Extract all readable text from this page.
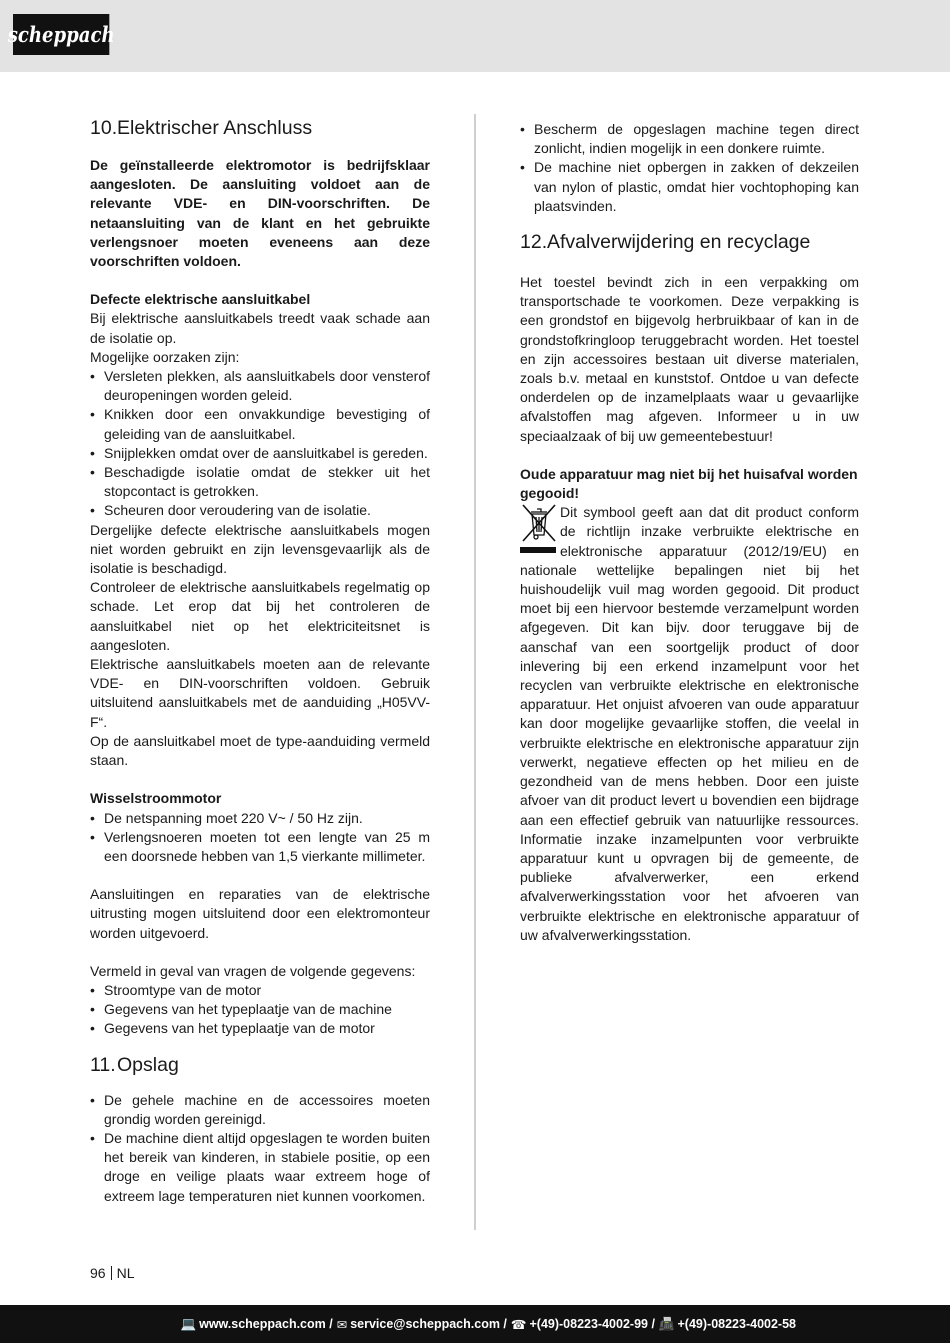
scheppach
10. Elektrischer Anschluss

De geïnstalleerde elektromotor is bedrijfsklaar aangesloten. De aansluiting voldoet aan de relevante VDE- en DIN-voorschriften. De netaansluiting van de klant en het gebruikte verlengsnoer moeten eveneens aan deze voorschriften voldoen.

Defecte elektrische aansluitkabel

Bij elektrische aansluitkabels treedt vaak schade aan de isolatie op.

Mogelijke oorzaken zijn:

• Versleten plekken, als aansluitkabels door vensterof deuropeningen worden geleid.
• Knikken door een onvakkundige bevestiging of geleiding van de aansluitkabel.
• Snijplekken omdat over de aansluitkabel is gereden.
• Beschadigde isolatie omdat de stekker uit het stopcontact is getrokken.
• Scheuren door veroudering van de isolatie.

Dergelijke defecte elektrische aansluitkabels mogen niet worden gebruikt en zijn levensgevaarlijk als de isolatie is beschadigd.

Controleer de elektrische aansluitkabels regelmatig op schade. Let erop dat bij het controleren de aansluitkabel niet op het elektriciteitsnet is aangesloten.

Elektrische aansluitkabels moeten aan de relevante VDE- en DIN-voorschriften voldoen. Gebruik uitsluitend aansluitkabels met de aanduiding „H05VV-F“.

Op de aansluitkabel moet de type-aanduiding vermeld staan.

Wisselstroommotor
• De netspanning moet 220 V~ / 50 Hz zijn.
• Verlengsnoeren moeten tot een lengte van 25 m een doorsnede hebben van 1,5 vierkante millimeter.

Aansluitingen en reparaties van de elektrische uitrusting mogen uitsluitend door een elektromonteur worden uitgevoerd.

Vermeld in geval van vragen de volgende gegevens:

• Stroomtype van de motor
• Gegevens van het typeplaatje van de machine
• Gegevens van het typeplaatje van de motor
11. Opslag
• De gehele machine en de accessoires moeten grondig worden gereinigd.
• De machine dient altijd opgeslagen te worden buiten het bereik van kinderen, in stabiele positie, op een droge en veilige plaats waar extreem hoge of extreem lage temperaturen niet kunnen voorkomen.
• Bescherm de opgeslagen machine tegen direct zonlicht, indien mogelijk in een donkere ruimte.
• De machine niet opbergen in zakken of dekzeilen van nylon of plastic, omdat hier vochtophoping kan plaatsvinden.
12. Afvalverwijdering en recyclage

Het toestel bevindt zich in een verpakking om transportschade te voorkomen. Deze verpakking is een grondstof en bijgevolg herbruikbaar of kan in de grondstofkringloop teruggebracht worden. Het toestel en zijn accessoires bestaan uit diverse materialen, zoals b.v. metaal en kunststof. Ontdoe u van defecte onderdelen op de inzamelplaats waar u gevaarlijke afvalstoffen mag afgeven. Informeer u in uw speciaalzaak of bij uw gemeentebestuur!

Oude apparatuur mag niet bij het huisafval worden gegooid!

Dit symbool geeft aan dat dit product conform de richtlijn inzake verbruikte elektrische en elektronische apparatuur (2012/19/EU) en nationale wettelijke bepalingen niet bij het huishoudelijk vuil mag worden gegooid. Dit product moet bij een hiervoor bestemde verzamelpunt worden afgegeven. Dit kan bijv. door teruggave bij de aanschaf van een soortgelijk product of door inlevering bij een erkend inzamelpunt voor het recyclen van verbruikte elektrische en elektronische apparatuur. Het onjuist afvoeren van oude apparatuur kan door mogelijke gevaarlijke stoffen, die veelal in verbruikte elektrische en elektronische apparatuur zijn verwerkt, negatieve effecten op het milieu en de gezondheid van de mens hebben. Door een juiste afvoer van dit product levert u bovendien een bijdrage aan een effectief gebruik van natuurlijke ressources. Informatie inzake inzamelpunten voor verbruikte apparatuur kunt u opvragen bij de gemeente, de publieke afvalverwerker, een erkend afvalverwerkingsstation voor het afvoeren van verbruikte elektrische en elektronische apparatuur of uw afvalverwerkingsstation.

96 NL
💻 www.scheppach.com / ✉ service@scheppach.com / ☎ +(49)-08223-4002-99 / 📠 +(49)-08223-4002-58
